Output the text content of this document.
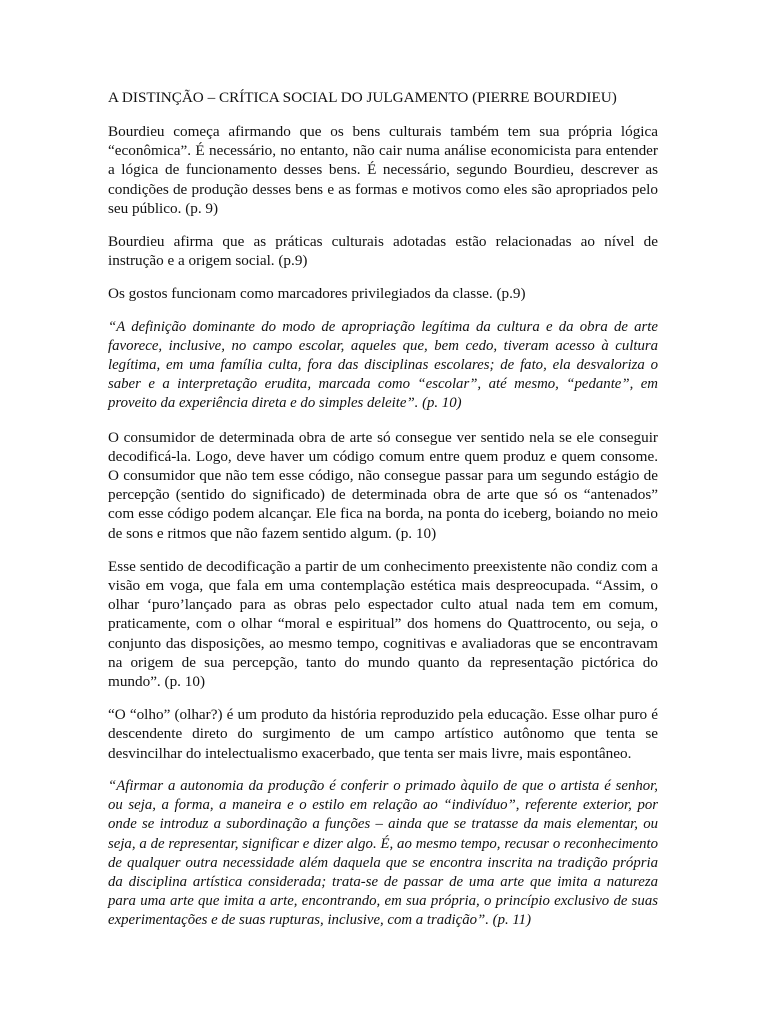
A DISTINÇÃO – CRÍTICA SOCIAL DO JULGAMENTO (PIERRE BOURDIEU)

Bourdieu começa afirmando que os bens culturais também tem sua própria lógica “econômica”. É necessário, no entanto, não cair numa análise economicista para entender a lógica de funcionamento desses bens. É necessário, segundo Bourdieu, descrever as condições de produção desses bens e as formas e motivos como eles são apropriados pelo seu público. (p. 9)

Bourdieu afirma que as práticas culturais adotadas estão relacionadas ao nível de instrução e a origem social. (p.9)

Os gostos funcionam como marcadores privilegiados da classe. (p.9)

“A definição dominante do modo de apropriação legítima da cultura e da obra de arte favorece, inclusive, no campo escolar, aqueles que, bem cedo, tiveram acesso à cultura legítima, em uma família culta, fora das disciplinas escolares; de fato, ela desvaloriza o saber e a interpretação erudita, marcada como “escolar”, até mesmo, “pedante”, em proveito da experiência direta e do simples deleite”. (p. 10)

O consumidor de determinada obra de arte só consegue ver sentido nela se ele conseguir decodificá-la. Logo, deve haver um código comum entre quem produz e quem consome. O consumidor que não tem esse código, não consegue passar para um segundo estágio de percepção (sentido do significado) de determinada obra de arte que só os “antenados” com esse código podem alcançar. Ele fica na borda, na ponta do iceberg, boiando no meio de sons e ritmos que não fazem sentido algum. (p. 10)

Esse sentido de decodificação a partir de um conhecimento preexistente não condiz com a visão em voga, que fala em uma contemplação estética mais despreocupada. “Assim, o olhar ‘puro’lançado para as obras pelo espectador culto atual nada tem em comum, praticamente, com o olhar “moral e espiritual” dos homens do Quattrocento, ou seja, o conjunto das disposições, ao mesmo tempo, cognitivas e avaliadoras que se encontravam na origem de sua percepção, tanto do mundo quanto da representação pictórica do mundo”. (p. 10)

“O “olho” (olhar?) é um produto da história reproduzido pela educação. Esse olhar puro é descendente direto do surgimento de um campo artístico autônomo que tenta se desvincilhar do intelectualismo exacerbado, que tenta ser mais livre, mais espontâneo.

“Afirmar a autonomia da produção é conferir o primado àquilo de que o artista é senhor, ou seja, a forma, a maneira e o estilo em relação ao “indivíduo”, referente exterior, por onde se introduz a subordinação a funções – ainda que se tratasse da mais elementar, ou seja, a de representar, significar e dizer algo. É, ao mesmo tempo, recusar o reconhecimento de qualquer outra necessidade além daquela que se encontra inscrita na tradição própria da disciplina artística considerada; trata-se de passar de uma arte que imita a natureza para uma arte que imita a arte, encontrando, em sua própria, o princípio exclusivo de suas experimentações e de suas rupturas, inclusive, com a tradição”. (p. 11)
